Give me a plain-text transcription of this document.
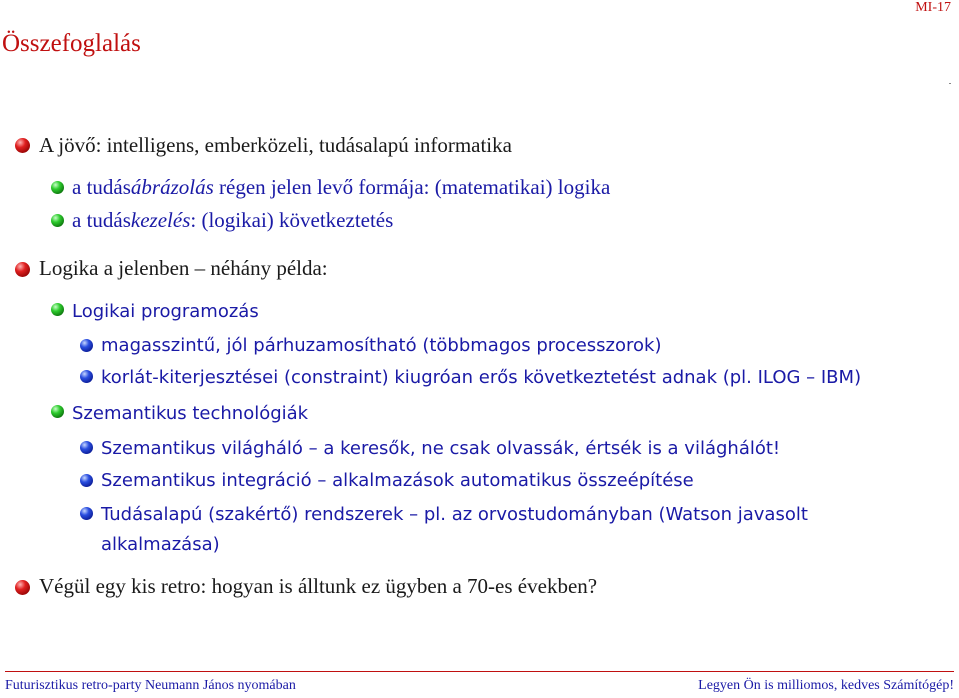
MI-17
Összefoglalás
A jövő: intelligens, emberközeli, tudásalapú informatika
a tudásábrázolás régen jelen levő formája: (matematikai) logika
a tudáskezelés: (logikai) következtetés
Logika a jelenben – néhány példa:
Logikai programozás
magasszintű, jól párhuzamosítható (többmagos processzorok)
korlát-kiterjesztései (constraint) kiugróan erős következtetést adnak (pl. ILOG – IBM)
Szemantikus technológiák
Szemantikus világháló – a keresők, ne csak olvassák, értsék is a világhálót!
Szemantikus integráció – alkalmazások automatikus összeépítése
Tudásalapú (szakértő) rendszerek – pl. az orvostudományban (Watson javasolt
alkalmazása)
Végül egy kis retro: hogyan is álltunk ez ügyben a 70-es években?
Futurisztikus retro-party Neumann János nyomában	Legyen Ön is milliomos, kedves Számítógép!
